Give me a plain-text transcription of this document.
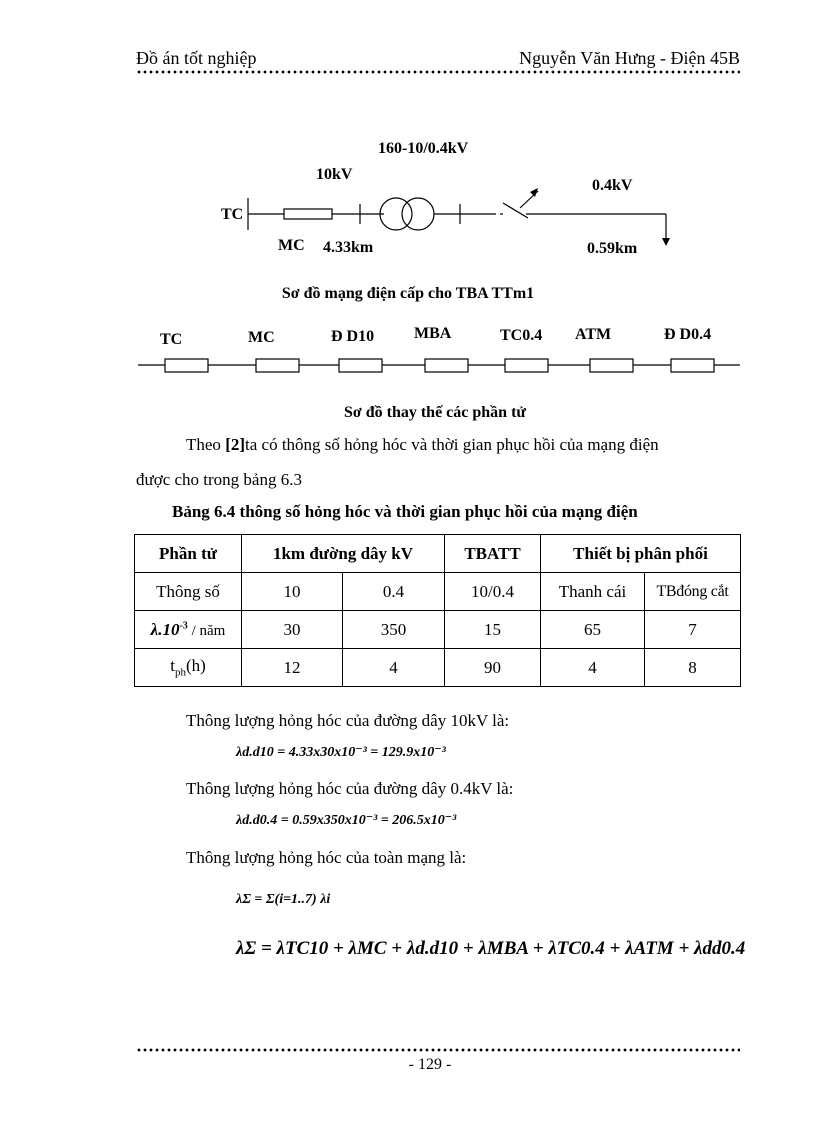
Đồ án tốt nghiệp	Nguyễn Văn Hưng - Điện 45B
160-10/0.4kV
10kV
0.4kV
TC
MC 4.33km	0.59km
Sơ đồ mạng điện cấp cho TBA TTm1
TC	MC	Đ D10 MBA	TC0.4 ATM	Đ D0.4
Sơ đồ thay thế các phần tử
Theo [2]ta có thông số hỏng hóc và thời gian phục hồi của mạng điện
được cho trong bảng 6.3
Bảng 6.4 thông số hỏng hóc và thời gian phục hồi của mạng điện
Phần tử	1km đường dây kV		TBATT	Thiết bị phân phối	
Thông số	10	0.4	10/0.4	Thanh cái	TBđóng cắt
$\lambda.10^{-3}$ / năm	30	350	15	65	7
$t_{ph}(h)$	12	4	90	4	8
Thông lượng hỏng hóc của đường dây 10kV là:
λd.d10 = 4.33x30x10⁻³ = 129.9x10⁻³
Thông lượng hỏng hóc của đường dây 0.4kV là:
λd.d0.4 = 0.59x350x10⁻³ = 206.5x10⁻³
Thông lượng hỏng hóc của toàn mạng là:
λΣ = Σ(i=1..7) λi
λΣ = λTC10 + λMC + λd.d10 + λMBA + λTC0.4 + λATM + λdd0.4
- 129 -
